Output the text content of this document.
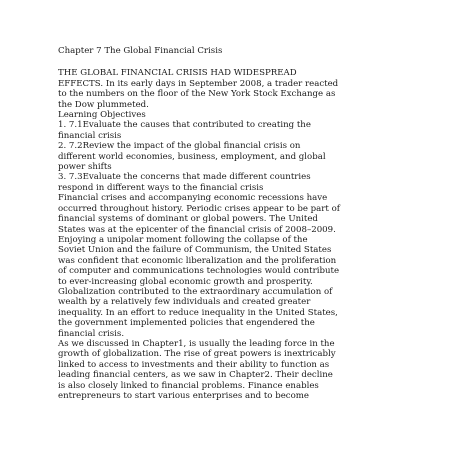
Chapter 7 The Global Financial Crisis
THE GLOBAL FINANCIAL CRISIS HAD WIDESPREAD
EFFECTS. In its early days in September 2008, a trader reacted
to the numbers on the floor of the New York Stock Exchange as
the Dow plummeted.
Learning Objectives
1. 7.1Evaluate the causes that contributed to creating the
financial crisis
2. 7.2Review the impact of the global financial crisis on
different world economies, business, employment, and global
power shifts
3. 7.3Evaluate the concerns that made different countries
respond in different ways to the financial crisis
Financial crises and accompanying economic recessions have
occurred throughout history. Periodic crises appear to be part of
financial systems of dominant or global powers. The United
States was at the epicenter of the financial crisis of 2008–2009.
Enjoying a unipolar moment following the collapse of the
Soviet Union and the failure of Communism, the United States
was confident that economic liberalization and the proliferation
of computer and communications technologies would contribute
to ever-increasing global economic growth and prosperity.
Globalization contributed to the extraordinary accumulation of
wealth by a relatively few individuals and created greater
inequality. In an effort to reduce inequality in the United States,
the government implemented policies that engendered the
financial crisis.
As we discussed in Chapter1, is usually the leading force in the
growth of globalization. The rise of great powers is inextricably
linked to access to investments and their ability to function as
leading financial centers, as we saw in Chapter2. Their decline
is also closely linked to financial problems. Finance enables
entrepreneurs to start various enterprises and to become
